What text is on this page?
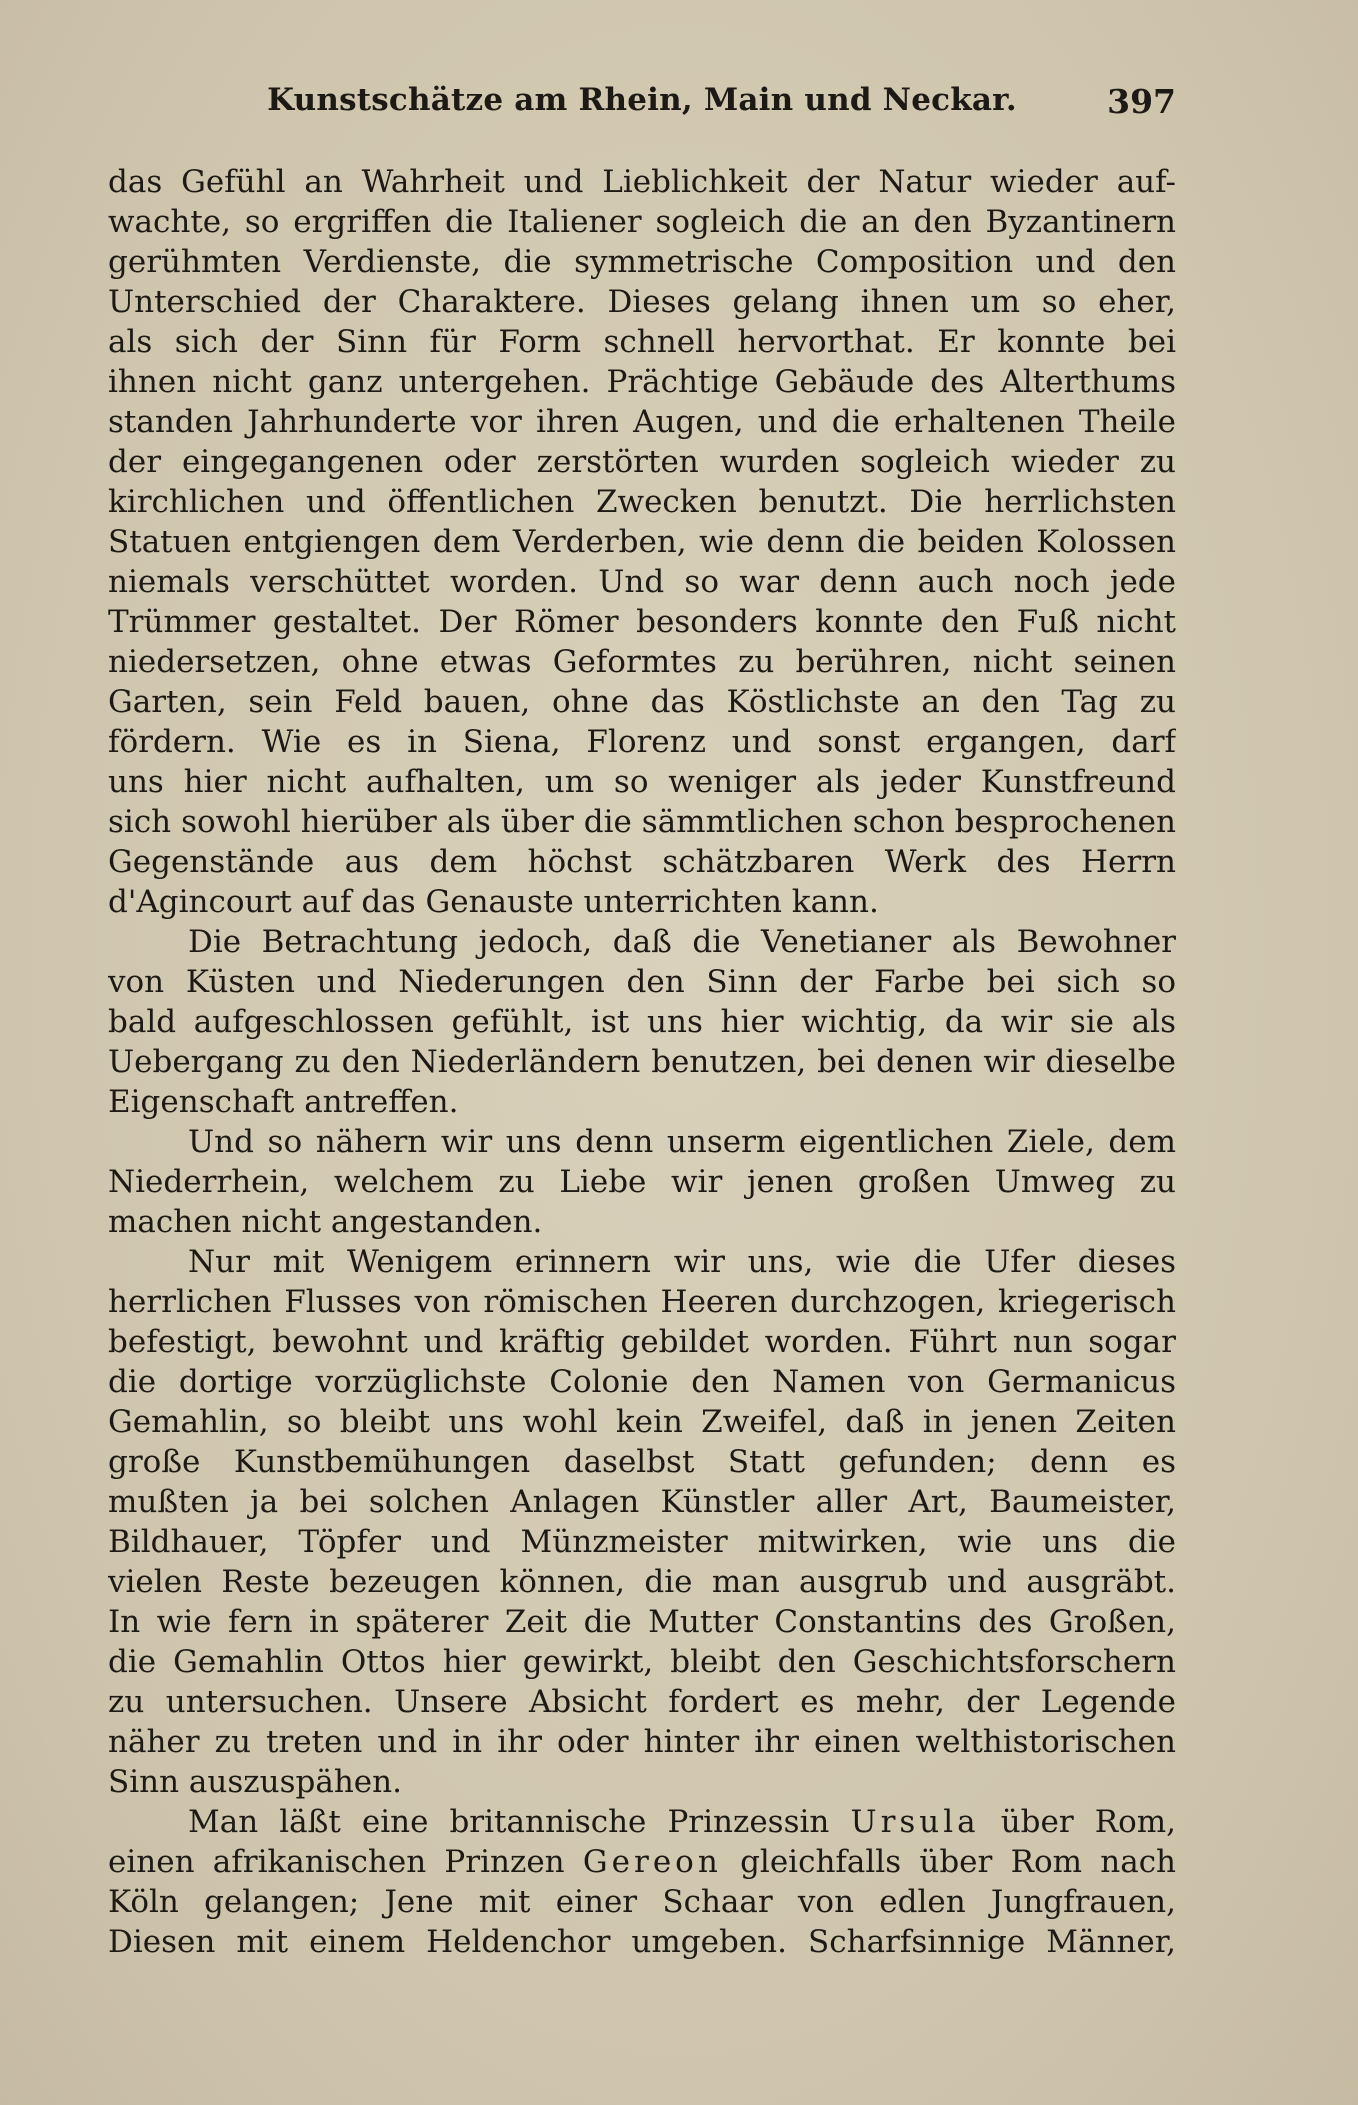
Kunstschätze am Rhein, Main und Neckar.	397
das Gefühl an Wahrheit und Lieblichkeit der Natur wieder auf-
wachte, so ergriffen die Italiener sogleich die an den Byzantinern
gerühmten Verdienste, die symmetrische Composition und den
Unterschied der Charaktere. Dieses gelang ihnen um so eher,
als sich der Sinn für Form schnell hervorthat. Er konnte bei
ihnen nicht ganz untergehen. Prächtige Gebäude des Alterthums
standen Jahrhunderte vor ihren Augen, und die erhaltenen Theile
der eingegangenen oder zerstörten wurden sogleich wieder zu
kirchlichen und öffentlichen Zwecken benutzt. Die herrlichsten
Statuen entgiengen dem Verderben, wie denn die beiden Kolossen
niemals verschüttet worden. Und so war denn auch noch jede
Trümmer gestaltet. Der Römer besonders konnte den Fuß nicht
niedersetzen, ohne etwas Geformtes zu berühren, nicht seinen
Garten, sein Feld bauen, ohne das Köstlichste an den Tag zu
fördern. Wie es in Siena, Florenz und sonst ergangen, darf
uns hier nicht aufhalten, um so weniger als jeder Kunstfreund
sich sowohl hierüber als über die sämmtlichen schon besprochenen
Gegenstände aus dem höchst schätzbaren Werk des Herrn
d'Agincourt auf das Genauste unterrichten kann.
Die Betrachtung jedoch, daß die Venetianer als Bewohner
von Küsten und Niederungen den Sinn der Farbe bei sich so
bald aufgeschlossen gefühlt, ist uns hier wichtig, da wir sie als
Uebergang zu den Niederländern benutzen, bei denen wir dieselbe
Eigenschaft antreffen.
Und so nähern wir uns denn unserm eigentlichen Ziele, dem
Niederrhein, welchem zu Liebe wir jenen großen Umweg zu
machen nicht angestanden.
Nur mit Wenigem erinnern wir uns, wie die Ufer dieses
herrlichen Flusses von römischen Heeren durchzogen, kriegerisch
befestigt, bewohnt und kräftig gebildet worden. Führt nun sogar
die dortige vorzüglichste Colonie den Namen von Germanicus
Gemahlin, so bleibt uns wohl kein Zweifel, daß in jenen Zeiten
große Kunstbemühungen daselbst Statt gefunden; denn es
mußten ja bei solchen Anlagen Künstler aller Art, Baumeister,
Bildhauer, Töpfer und Münzmeister mitwirken, wie uns die
vielen Reste bezeugen können, die man ausgrub und ausgräbt.
In wie fern in späterer Zeit die Mutter Constantins des Großen,
die Gemahlin Ottos hier gewirkt, bleibt den Geschichtsforschern
zu untersuchen. Unsere Absicht fordert es mehr, der Legende
näher zu treten und in ihr oder hinter ihr einen welthistorischen
Sinn auszuspähen.
Man läßt eine britannische Prinzessin Ursula über Rom,
einen afrikanischen Prinzen Gereon gleichfalls über Rom nach
Köln gelangen; Jene mit einer Schaar von edlen Jungfrauen,
Diesen mit einem Heldenchor umgeben. Scharfsinnige Männer,
